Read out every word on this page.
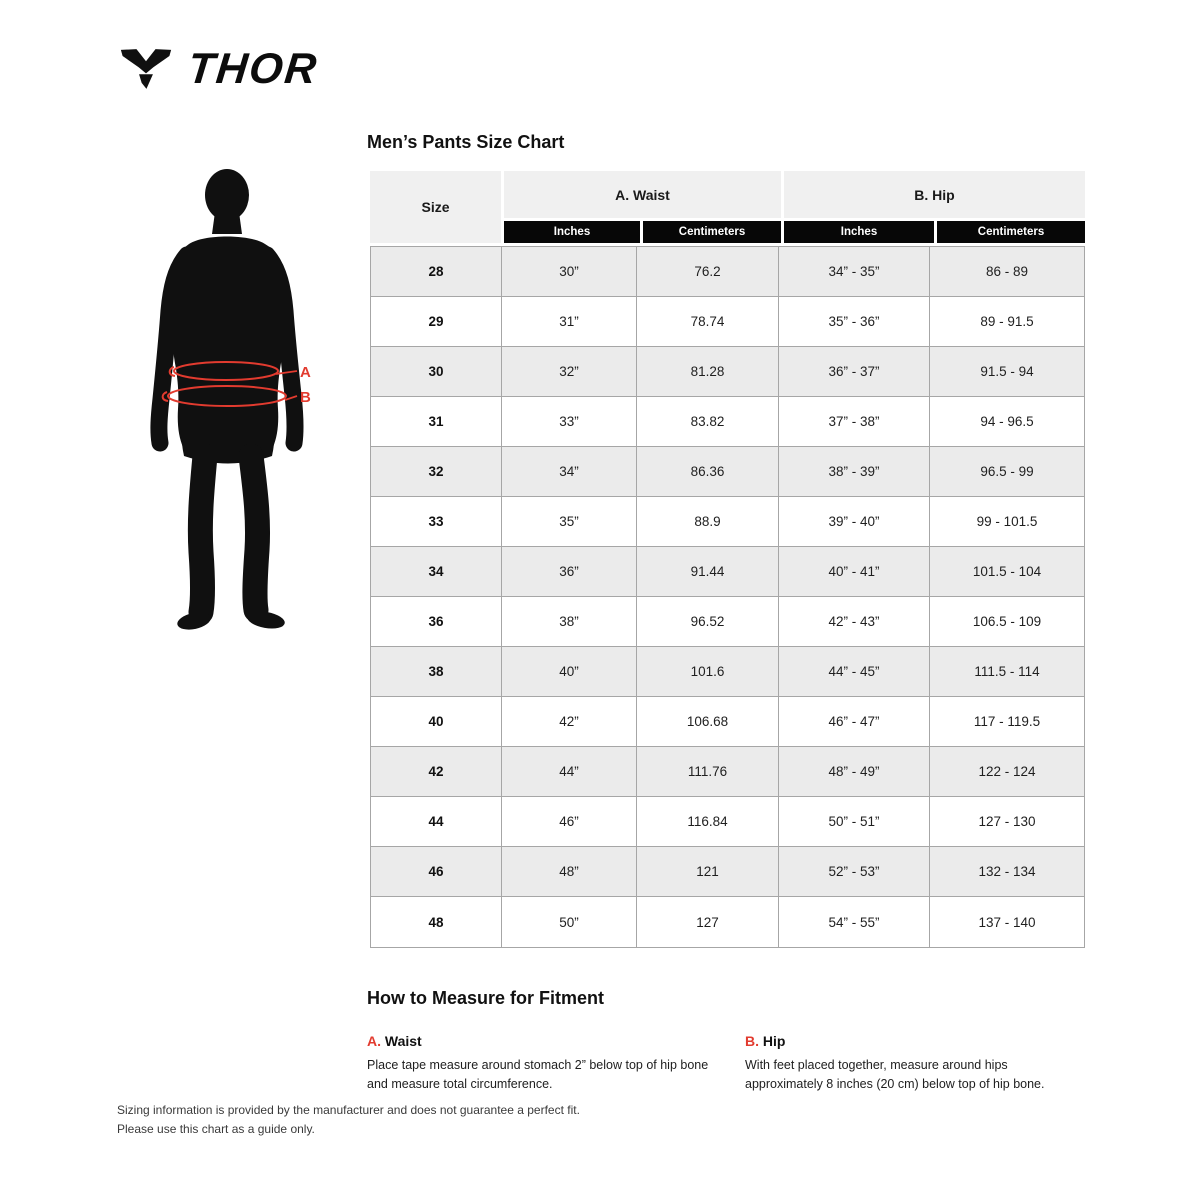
THOR
Men’s Pants Size Chart
A
B
Size
A. Waist
Inches	Centimeters
B. Hip
Inches	Centimeters
28	30”	76.2	34” - 35”	86 - 89
29	31”	78.74	35” - 36”	89 - 91.5
30	32”	81.28	36” - 37”	91.5 - 94
31	33”	83.82	37” - 38”	94 - 96.5
32	34”	86.36	38” - 39”	96.5 - 99
33	35”	88.9	39” - 40”	99 - 101.5
34	36”	91.44	40” - 41”	101.5 - 104
36	38”	96.52	42” - 43”	106.5 - 109
38	40”	101.6	44” - 45”	111.5 - 114
40	42”	106.68	46” - 47”	117 - 119.5
42	44”	111.76	48” - 49”	122 - 124
44	46”	116.84	50” - 51”	127 - 130
46	48”	121	52” - 53”	132 - 134
48	50”	127	54” - 55”	137 - 140
How to Measure for Fitment
A. Waist

Place tape measure around stomach 2” below top of hip bone and measure total circumference.

B. Hip

With feet placed together, measure around hips approximately 8 inches (20 cm) below top of hip bone.

Sizing information is provided by the manufacturer and does not guarantee a perfect fit.
Please use this chart as a guide only.
